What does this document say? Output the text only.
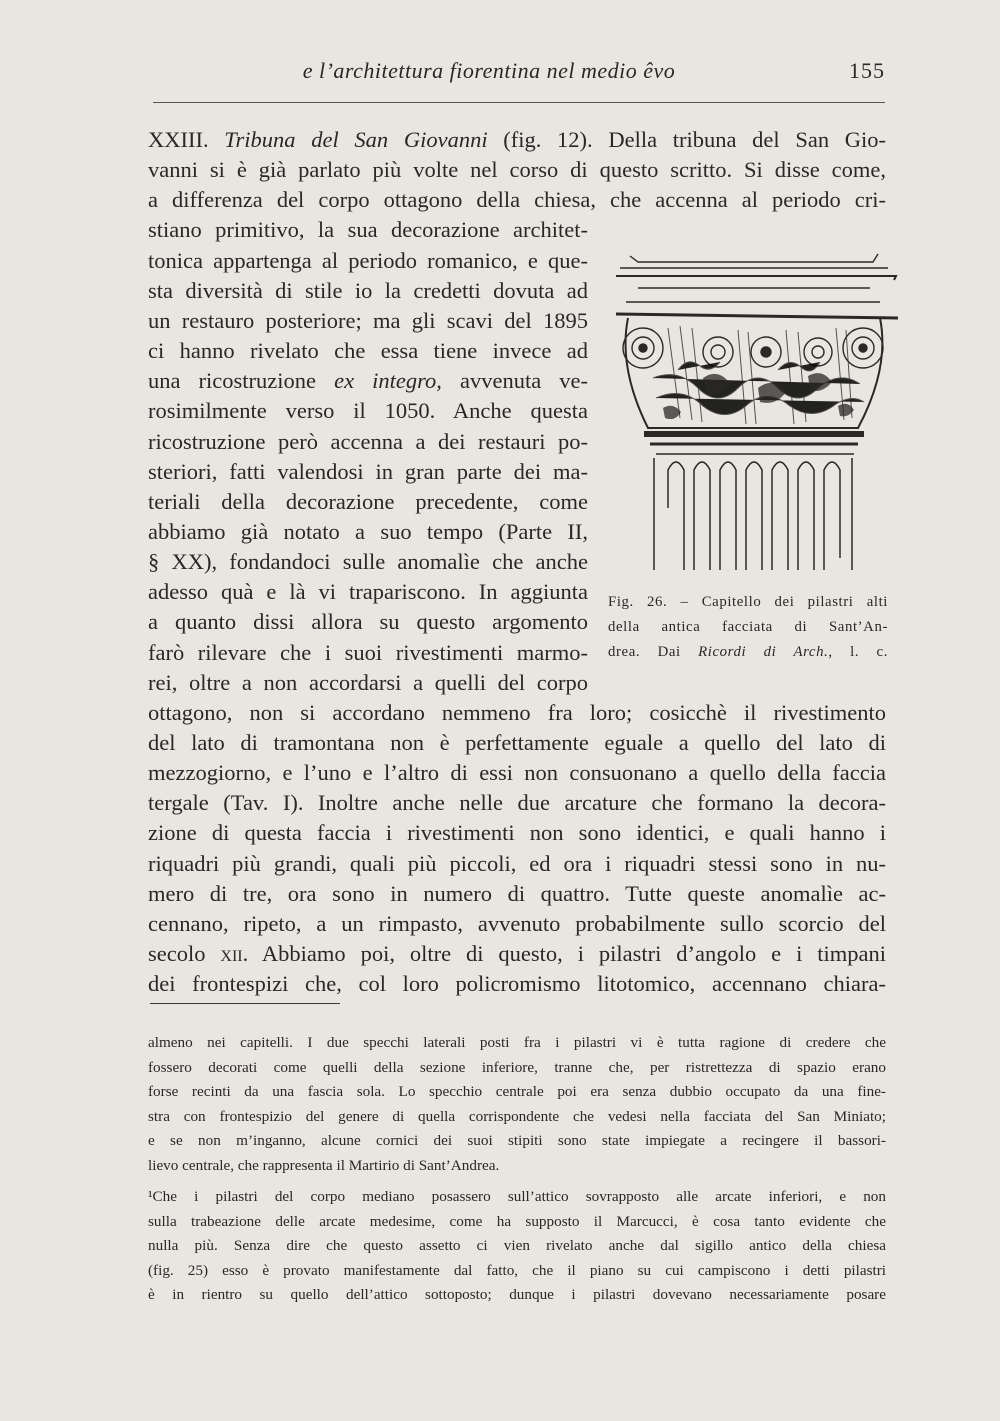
e l’architettura fiorentina nel medio êvo	155
XXIII. Tribuna del San Giovanni (fig. 12). Della tribuna del San Gio-
vanni si è già parlato più volte nel corso di questo scritto. Si disse come,
a differenza del corpo ottagono della chiesa, che accenna al periodo cri-
stiano primitivo, la sua decorazione architet-
tonica appartenga al periodo romanico, e que-
sta diversità di stile io la credetti dovuta ad
un restauro posteriore; ma gli scavi del 1895
ci hanno rivelato che essa tiene invece ad
una ricostruzione ex integro, avvenuta ve-
rosimilmente verso il 1050. Anche questa
ricostruzione però accenna a dei restauri po-
steriori, fatti valendosi in gran parte dei ma-
teriali della decorazione precedente, come
abbiamo già notato a suo tempo (Parte II,
§ XX), fondandoci sulle anomalìe che anche
adesso quà e là vi trapariscono. In aggiunta
a quanto dissi allora su questo argomento
farò rilevare che i suoi rivestimenti marmo-
rei, oltre a non accordarsi a quelli del corpo
ottagono, non si accordano nemmeno fra loro; cosicchè il rivestimento
del lato di tramontana non è perfettamente eguale a quello del lato di
mezzogiorno, e l’uno e l’altro di essi non consuonano a quello della faccia
tergale (Tav. I). Inoltre anche nelle due arcature che formano la decora-
zione di questa faccia i rivestimenti non sono identici, e quali hanno i
riquadri più grandi, quali più piccoli, ed ora i riquadri stessi sono in nu-
mero di tre, ora sono in numero di quattro. Tutte queste anomalìe ac-
cennano, ripeto, a un rimpasto, avvenuto probabilmente sullo scorcio del
secolo xii. Abbiamo poi, oltre di questo, i pilastri d’angolo e i timpani
dei frontespizi che, col loro policromismo litotomico, accennano chiara-
Fig. 26. – Capitello dei pilastri alti
della antica facciata di Sant’An-
drea. Dai Ricordi di Arch., l. c.
almeno nei capitelli. I due specchi laterali posti fra i pilastri vi è tutta ragione di credere che
fossero decorati come quelli della sezione inferiore, tranne che, per ristrettezza di spazio erano
forse recinti da una fascia sola. Lo specchio centrale poi era senza dubbio occupato da una fine-
stra con frontespizio del genere di quella corrispondente che vedesi nella facciata del San Miniato;
e se non m’inganno, alcune cornici dei suoi stipiti sono state impiegate a recingere il bassori-
lievo centrale, che rappresenta il Martirio di Sant’Andrea.
¹Che i pilastri del corpo mediano posassero sull’attico sovrapposto alle arcate inferiori, e non
sulla trabeazione delle arcate medesime, come ha supposto il Marcucci, è cosa tanto evidente che
nulla più. Senza dire che questo assetto ci vien rivelato anche dal sigillo antico della chiesa
(fig. 25) esso è provato manifestamente dal fatto, che il piano su cui campiscono i detti pilastri
è in rientro su quello dell’attico sottoposto; dunque i pilastri dovevano necessariamente posare
